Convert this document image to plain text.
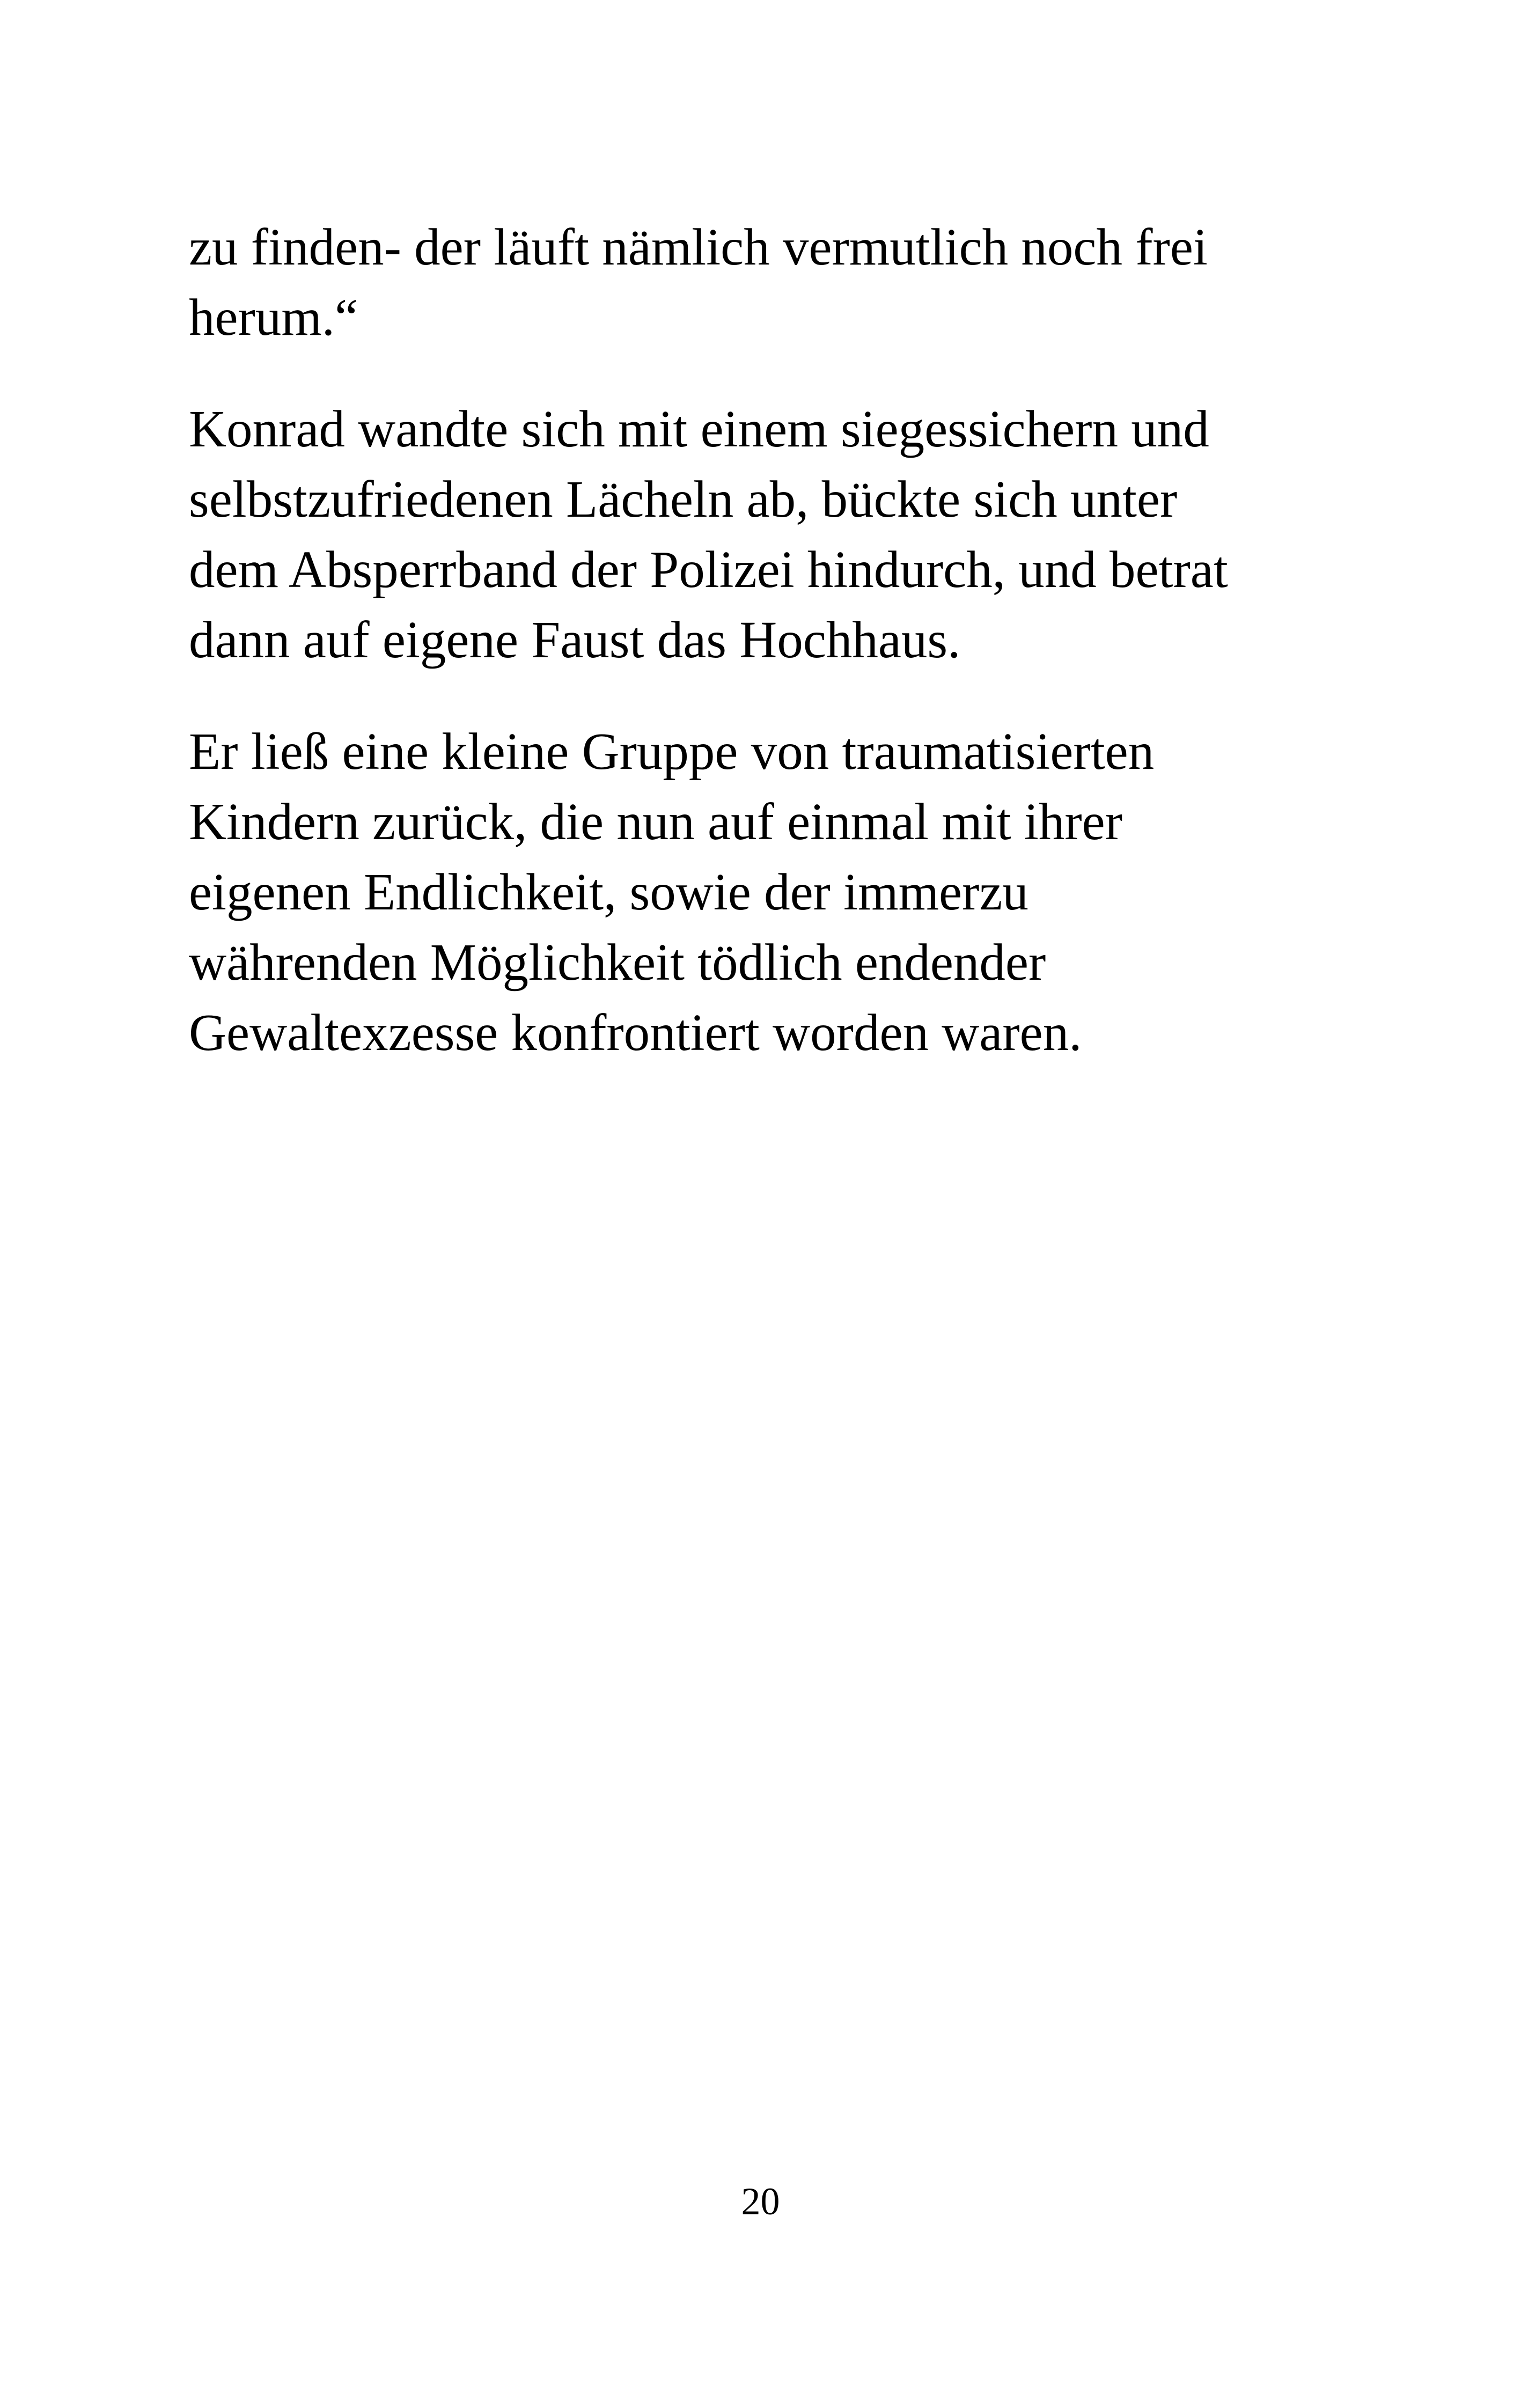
zu finden- der läuft nämlich vermutlich noch frei
herum.“
Konrad wandte sich mit einem siegessichern und
selbstzufriedenen Lächeln ab, bückte sich unter
dem Absperrband der Polizei hindurch, und betrat
dann auf eigene Faust das Hochhaus.
Er ließ eine kleine Gruppe von traumatisierten
Kindern zurück, die nun auf einmal mit ihrer
eigenen Endlichkeit, sowie der immerzu
währenden Möglichkeit tödlich endender
Gewaltexzesse konfrontiert worden waren.
20
